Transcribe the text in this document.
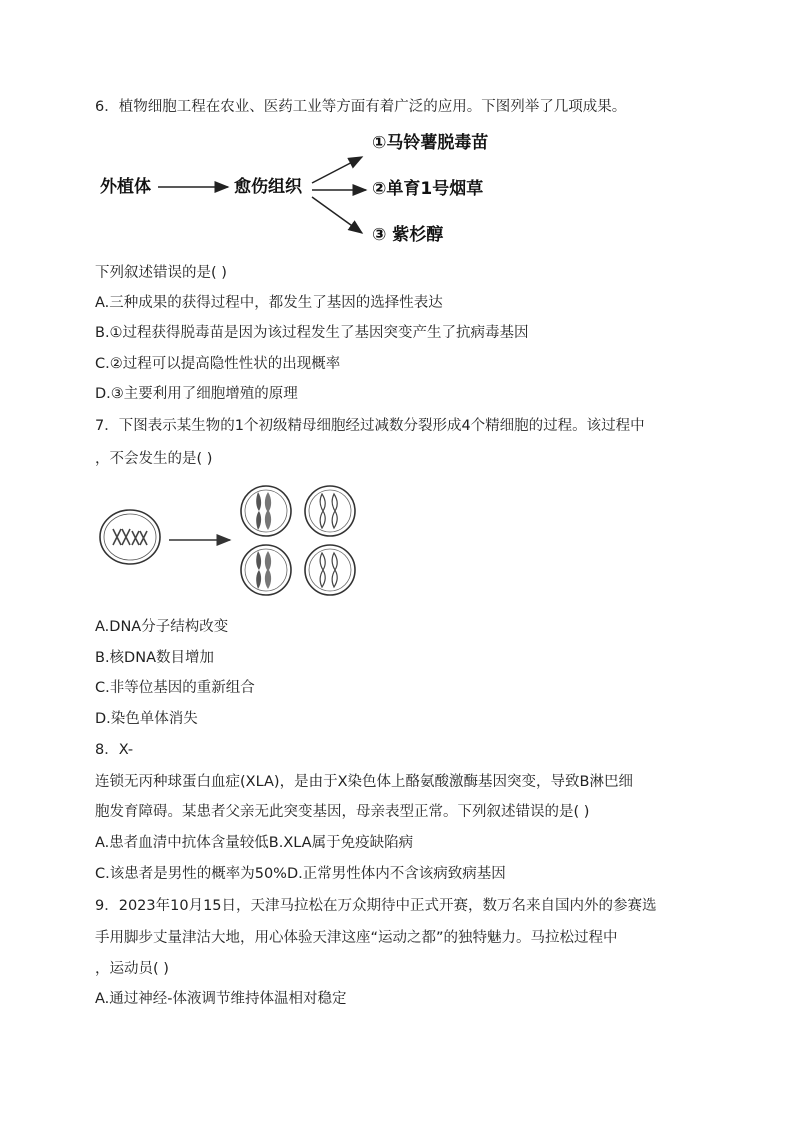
6．植物细胞工程在农业、医药工业等方面有着广泛的应用。下图列举了几项成果。
外植体	愈伤组织
①马铃薯脱毒苗
②单育1号烟草
③ 紫杉醇
下列叙述错误的是( )
A.三种成果的获得过程中，都发生了基因的选择性表达
B.①过程获得脱毒苗是因为该过程发生了基因突变产生了抗病毒基因
C.②过程可以提高隐性性状的出现概率
D.③主要利用了细胞增殖的原理
7．下图表示某生物的1个初级精母细胞经过减数分裂形成4个精细胞的过程。该过程中
，不会发生的是( )
A.DNA分子结构改变
B.核DNA数目增加
C.非等位基因的重新组合
D.染色单体消失
8．X-
连锁无丙种球蛋白血症(XLA)，是由于X染色体上酪氨酸激酶基因突变，导致B淋巴细
胞发育障碍。某患者父亲无此突变基因，母亲表型正常。下列叙述错误的是( )
A.患者血清中抗体含量较低B.XLA属于免疫缺陷病
C.该患者是男性的概率为50%D.正常男性体内不含该病致病基因
9．2023年10月15日，天津马拉松在万众期待中正式开赛，数万名来自国内外的参赛选
手用脚步丈量津沽大地，用心体验天津这座“运动之都”的独特魅力。马拉松过程中
，运动员( )
A.通过神经-体液调节维持体温相对稳定
